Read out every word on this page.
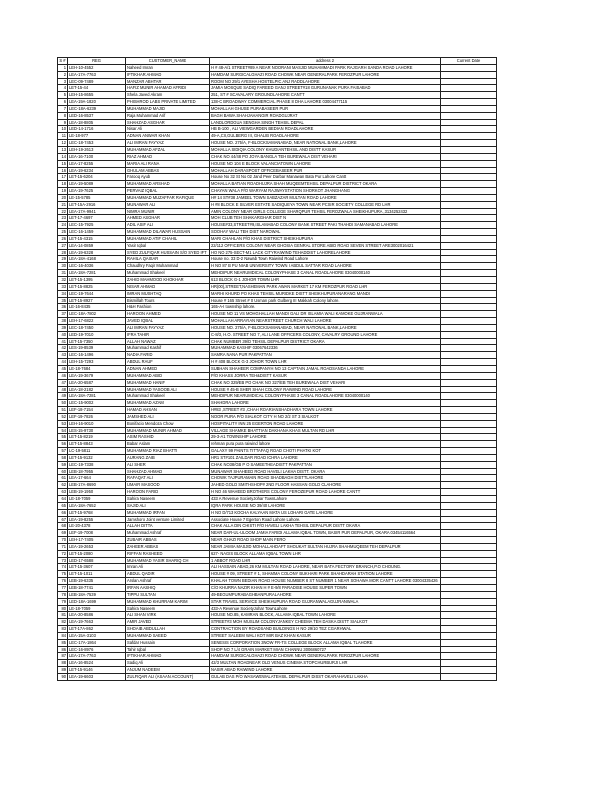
S #	REG	CUSTOMER_NAME	address 2	Current Date
1	LEH-10-4552	Naheed Imran	H # 48-A/1 STREET#89 A NEAR NOORANI MASJID MUHAMMADI PARK RAJGARH SANDA ROAD LAHORE	
2	LEA-17A-7763	IFTIKHAR AHMAD	HAMDAM SURGICALGHAZI ROAD CHOWK NEAR GENERALPARK FEROZPUR LAHORE	
3	LEC-09-7489	MANZAR ABHTAR	ROOM NO 29/1 AYESHA HOSTELPIC ANJ RADDLAHORE	
4	LET-15-44	HAFIZ MUNIR AHAMAD AFRIDI	JAMIA MOSQUE SADIQ FAREED GANJ STREET#18 GURUNANAK PURA FAISABAD	
5	LEH-15-8655	Shela Javed Akram	251, ST # SCAVALARY GROUNDLAHORE CANTT	
6	LEA-19A-1820	PHISHROD LABS PRIVATE LIMITED	138-C BROADWAY COMMERCIAL PHASE 8 DHA LAHORE 03004477115	
7	LEC-18A-6239	MUHAMMAD MAJID	MOHALLAH GHUSE PURABASEER PUR	
8	LED-16-8537	Raja Muhammad Arif	BAGH BAWA SHAHJAHANGIR ROADGUJRAT	
9	LEA-18-8805	SHAHZAD ASGHAR	LANDLORDGUA SENGHA SINGH TEHSIL DEPAL	
10	LED-14-1716	Nisar Ali	HB B-100 , ALI VIEWGARDEN BEDIAN ROADLAHORE	
11	LE-18-977	ADNAN ANWAR KHAN	49-A,CII,GULBERG III, GHALIB ROADLAHORE	
12	LEC-18-7453	ALI IMRAN FAYYAZ	HOUSE NO. 275/A, F-BLOCKSAMANABAD, NEAR NATIONAL BANK,LAHORE	
13	LEH-19-2613	MUHAMMAD AFZAL	MOHALLA SIDIQIA COLONY KHUDIANTEHSIL AND DISTT KASUR	
14	LEA-16-7100	RIAZ AHMAD	CHAK NO 44/48 PO JOYA BANGLA TEH BUREWALA DIST VEHARI	
15	LEA-17-8255	MARIA ALI RANA	HOUSE NO 104 E BLOCK VALANCIATOWN LAHORE	
16	LEA-19-6234	GHULAM ABBAS	MOHALLAH DARASPOST OFFICEBASEER PUR	
17	LET-15-6204	Farooq Ayub	House No 32 St No 02 Jand Peer Darbar Manawan Bata Pur Lahore Cantt	
18	LEA-19-5089	MUHAMMAD ARSHAD	MOHALLA BATIAN ROADHUJRA SHAH MUQEEMTEHSIL DEPALPUR DISTRICT OKARA	
19	LEA-19-7625	PERVAIZ IQBAL	CHAYAN WALA P/O WARYAM RAJWAYSTATION SHORKOT JHANGHANG	
20	LE-15-5785	MUHAMMAD MUZAFFAR RAFIQUE	H# 14 ST#38 JAMEEL TOWN SABZAZAR MULTAN ROAD LAHORE	
21	LET-15A-2916	MUNAWAR ALI	H #8 BLOCK E SILVER ESTATE SADIQUEYA TOWN NEAR PCSIR SOCIETY COLLEGE RD LHR	
22	LEA-17A-9941	NIMRA MUNIR	AMIN COLONY NEAR GIRLS COLLEGE SHARQPUR TEHSIL FEROZWALA SHEIKHUPURA ,3134252432	
23	LET-17-4697	AHMED ASGHAR	MOH CLUB TEH SHAKARGHAR DIST N	
24	LEC-15-7925	ADIL ASIF ALI	HOUSE#33,STREET#9,ISLAMABAD COLONY BANK STREET PAKI THAHDI SAMANABAD LAHORE	
25	LEC-16-1459	MUHAMMAD DILAWAR HUSSAIN	SOOHAY WALI TEH DIST NAROWAL	
26	LET-15-4315	MUHAMMAD ATIF CHAHIL	MARI CHAHLAN P/O KHAS DISTRICT SHEIKHUPURA	
27	LEA-14-0859	Yasir Iqbal	22/112 OFFICERS COLONY NEAR GHOSIA GENRAL STORE ABID ROAD SEVEN STREET ARE3002016421	
28	LEA-19-6328	SYED ZULFIQAR HUSSAIN S/O SYED IFT	HO NO 275-SECT-M1 LACK CITYRAIWIND TEHADDIST LAHORELAHORE	
29	LEA-18A-4168	RAHILA QAISAR	House no. 33 D-2 Nawab Town Raiwind Road Lahore	
30	LEC-16-4036	Chaudhry Faqir Muhammad	H NO 87 B PU NIAB UNIVERSITY TOWN I ABDUL SATTAR ROAD LAHORE	
31	LEA-18A-7281	Muhammad Shakeel	MEHDIPUR NEARUMDICAL COLONYPHASE 3 CANAL ROADLAHORE 03040000140	
32	LET-15-1395	ZAHID MAHMOOD KHOKHAR	613 BLOCK G-1 JOHOR TOWN LHR	
33	LET-15-8825	NISAR AHMAD	HR(00),STREET,NASHEMAN PARK AWAN MARKET 17 KM FEROZPUR ROAD LHR	
34	LEC-19-7644	IMRAN MUSHTAQ	MARHI KHURD PO KHAS TEHSIL MURIDKE DISTT SHEIKHUPURANARANG MANDI	
35	LET-15-8927	Bismillah Tours	House # 165 Street # 0 Usman park Gulberg III Makkah Colony lahore.	
36	LE-16-8435	H&H Fashion	165-A-I township lahore.	
37	LEC-18A-7802	HAROON AHMED	HOUSE NO 11 VS MOHGHALLAH MANDI GALI DR ISLAMIA WALI KAMOKE GUJRANWALA	
38	LEH-17-6822	JAVED IQBAL	MOHALLAH ARRAYIAN NEARSTREET CHURCH WALI LAHORE	
39	LEC-18-7450	ALI IMRAN FAYYAZ	HOUSE NO. 275/A, F-BLOCKSAMANABAD, NEAR NATIONAL BANK,LAHORE	
40	LED-19-7010	IFRA TAHIR	C-8/3, H.O. STREET NO 7, ALI LANE OFFICERS COLONY, CAVALRY GROUND LAHORE	
41	LET-15-7350	ALLAH NAWAZ	CHAK NUMBER 39/D TEHSIL DEPALPUR DISTRICT OKARA	
42	LES-19-8539	Muhammad Kashif	MUHAMMAD KASHIF 03067642336	
43	LEC-16-1496	NADIA FARID	SAMRA NANA PUR PAKPATTAN	
44	LEH-15-7293	ABDUL RAUF	H # 408 BLOCK G-3 JOHOR TOWN LHR	
45	LE-18-7684	ADNAN AHMED	SUBHAN SHAHEER COMPANYH NO 13 CAPTAIN JAMAL ROADSANDA LAHORE	
46	LEA-19-3679	MUHAMMAD ABID	P/O KHASS JORRA TEH&DISTT KASUR	
47	LEA-20-6587	MUHAMMAD HANIF	CHAK NO 329/EB PO CHAK NO 327/EB TEH BUREWALA DIST VEHARI	
48	LEA-18-2182	MUHAMMAD YASOOB ALI	HOUSE # 45-B SHER SHAH COLONY RAIWIND ROAD LAHORE	
49	LEA-18A-7281	Muhammad Shakeel	MEHDIPUR NEARUMDICAL COLONYPHASE 3 CANAL ROADLAHORE 03040000140	
50	LEC-15-9002	MUHAMMAD AZAM	SHAHDRA LAHORE	
51	LEF-18-7154	HAMAD AHSAN	H#83 ,STREET #3 ,CHAH ROARIANSHADHARA TOWN LAHORE	
52	LEF-19-7826	JAMSHED ALI	NOOR PURA P/O SIALKOT CITY H NO 2/2 ST 3 SIALKOT	
53	LEH-16-9010	Bonifacio Mendoza Chow	HOSPITALITY INN 25 EGERTON ROAD LAHORE	
54	LES-15-9730	MUHAMMAD MUNIR AHMAD	VILLAGE SHAMKE BHATTIAN DAKHANA KHAS MULTAN RD LHR	
55	LET-15-8219	ASIM RASHID	29-3-A1 TOWNSHIP LAHORE	
56	LET-15-8843	Babar Aslam	rehman pura pura raiwind lahore	
57	LC-19-5811	MUHAMMAD RIAZ BHATTI	GALAXY 99 PAINTS TITTAFAQ ROAD CHOTI PHATKI KOT	
58	LET-15-9132	AURANG ZAIB	HR1 ST#101 ZAILDAR ROAD ICHRA LAHORE	
59	LEC-19-7338	ALI SHER	CHAK NO38/GB P O SAMEETHEADISTT PAKPATTAN	
60	LEB-18-7955	SHAHZAD AHMAD	MUNAWAR SHAHEED ROAD HAVELI LAKHA DISTT. OKARA	
61	LEA-17-664	RAFAQAT ALI	CHOWK TAJPURAMAIN ROAD SHADBAGH DISTTLAHORE	
62	LEB-17A-8690	UMAIR MASOOD	JAHED GOLD SMITHSHOP# 2ND FLOOR HASSAN GOLD CLAHORE	
63	LEB-19-1950	HAROON FARID	H NO 46 WAHEED BROTHERS COLONY FEROZEPUR ROAD LAHORE CANTT	
64	LE-18-7059	Sahira Naseem	433 A Revenue SocietyJohar TownLahore	
65	LEA-18A-7652	SAJID ALI	IQRA PARK HOUSE NO 39/40 LAHORE	
66	LET-15-9768	MUHAMMAD IRFAN	H NO D/713 KOCHA KALYAAN MATA US LOHARI GATE LAHORE	
67	LEA-19-8255	Jamshoro Joint venture Limited	Associate House 7 Egerton Road Lahore Lahore.	
68	LE-20-4378	ALLAH DITTA	CHAK ALLA DIN CHISTI P/O HAVELI LAKHA TEHSIL DEPALPUR DISTT OKARA	
69	LEF-19-7008	Muhammad Ashraf	NEAR DAR-UL-ULOOM JAMIA FARIDI ALLAMA IQBAL TOWN, BASIR PUR DEPALPUR, OKARA 03454116564	
70	LEH-17-7405	ZUBAIR ABBAS	NEAR GHAZI ROAD SHOP MAIN FERO	
71	LEA-19-2653	ZAHEER ABBAS	NEAR JAMIA MASJID MOHALLAHDAFT SHOUKAT SULTAN HUJRA SHAHMUQEEM TEH DEPALPUR	
72	LET-15-2080	RIFFAN RASHEED	627- NAGIS BLOCK ALLAMA IQBAL TOWN LHR	
73	LED-17-6588	MUHAMMAD YASIR SHARIQ CH	1 ABBOT ROAD LHR	
74	LET-15-3607	Imran Ali	ALI HASSAIN ABAD,26 KM MULTAN ROAD LAHORE, NEAR BATA FECTORY BRANCH,P.O CHOUNG.	
75	LET-15-1011	ABDUL QADIR	HOUSE # 09, STREET # 1, SHAMMA COLONY BUKHARI PARK SHAHDARAH STATION LAHORE	
76	LEB-19-6335	Arslan Ashraf	KHALAH TOWN BEDIAN ROAD HOUSE NUMBER 8 ST NUMBER 1 NEAR SOHAWA MOR CANTT LAHORE 03004335426	
77	LEB-18-7741	IRFAN AASHIQ	C/O KHURRA NAZIR KHAN H # E-9/8 PARADISE HOUSE SUPER TOWN	
78	LEB-18A-7539	TIPPU SULTAN	49-BEGUMPURABAGHBANPURALAHORE	
79	LED-18A-1699	MUHAMMAD KHURRAM KARIM	STAR TRAVEL SERVICE SHEIKHUPURA ROAD GUJRANWALAGUJRANWALA	
80	LE-18-7059	Sahira Naseem	433-A Revenue SocietyJohar TownLahore	
81	LEA-20-8586	ALI SHAN VIRK	HOUSE NO.85, KAMRAN BLOCK, ALLAMA IQBAL TOWN LAHORE	
82	LEA-19-7663	AMIR JAVED	STREET#3 MOH MUSLIM COLONYJANKEY CHEEMA TEH DASKA DISTT SIALKOT	
83	LET-17A-862	SHOAIB ABDULLAH	CONTRACTION BY ROADSAND BUILDINGS H NO 29/10 TEZ CGARHWAL	
84	LEA-15A-3103	MUHAMMAD SAEED	STREET SALEEM WALI KOT MIR BAZ KHAN KASUR	
85	LEC-17A-1864	Safdar Hussain	SENESIS CORPORATION 3NOW FR-TS COLLEGE BLOCK ALLAMA IQBAL TLAHORE	
86	LEC-16-8976	Tahir Iqbal	SHOP NO 7 L/4 GRAIN MARKET MIAN CHANNU 3006860727	
87	LEA-17A-7763	IFTIKHAR AHMAD	HAMDAM SURGICALGHAZI ROAD CHOWK NEAR GENERALPARK FEROZPUR LAHORE	
88	LEA-16-8524	Sadiq Ali	42/3 MULTAN ROADNEAR OLD VENUS CINEMA STOPCHURBURJI LHR	
89	LET-15-9146	ANJUM NADEEM	NASIR ABAD RAIWIND LAHORE	
90	LEA-19-6603	ZULFIQAR ALI (ASAAN ACCOUNT)	GULAB DAS P/O WASAWEWALATEHSIL DEPALPUR DISST OKARAHAVELI LAKHA	
